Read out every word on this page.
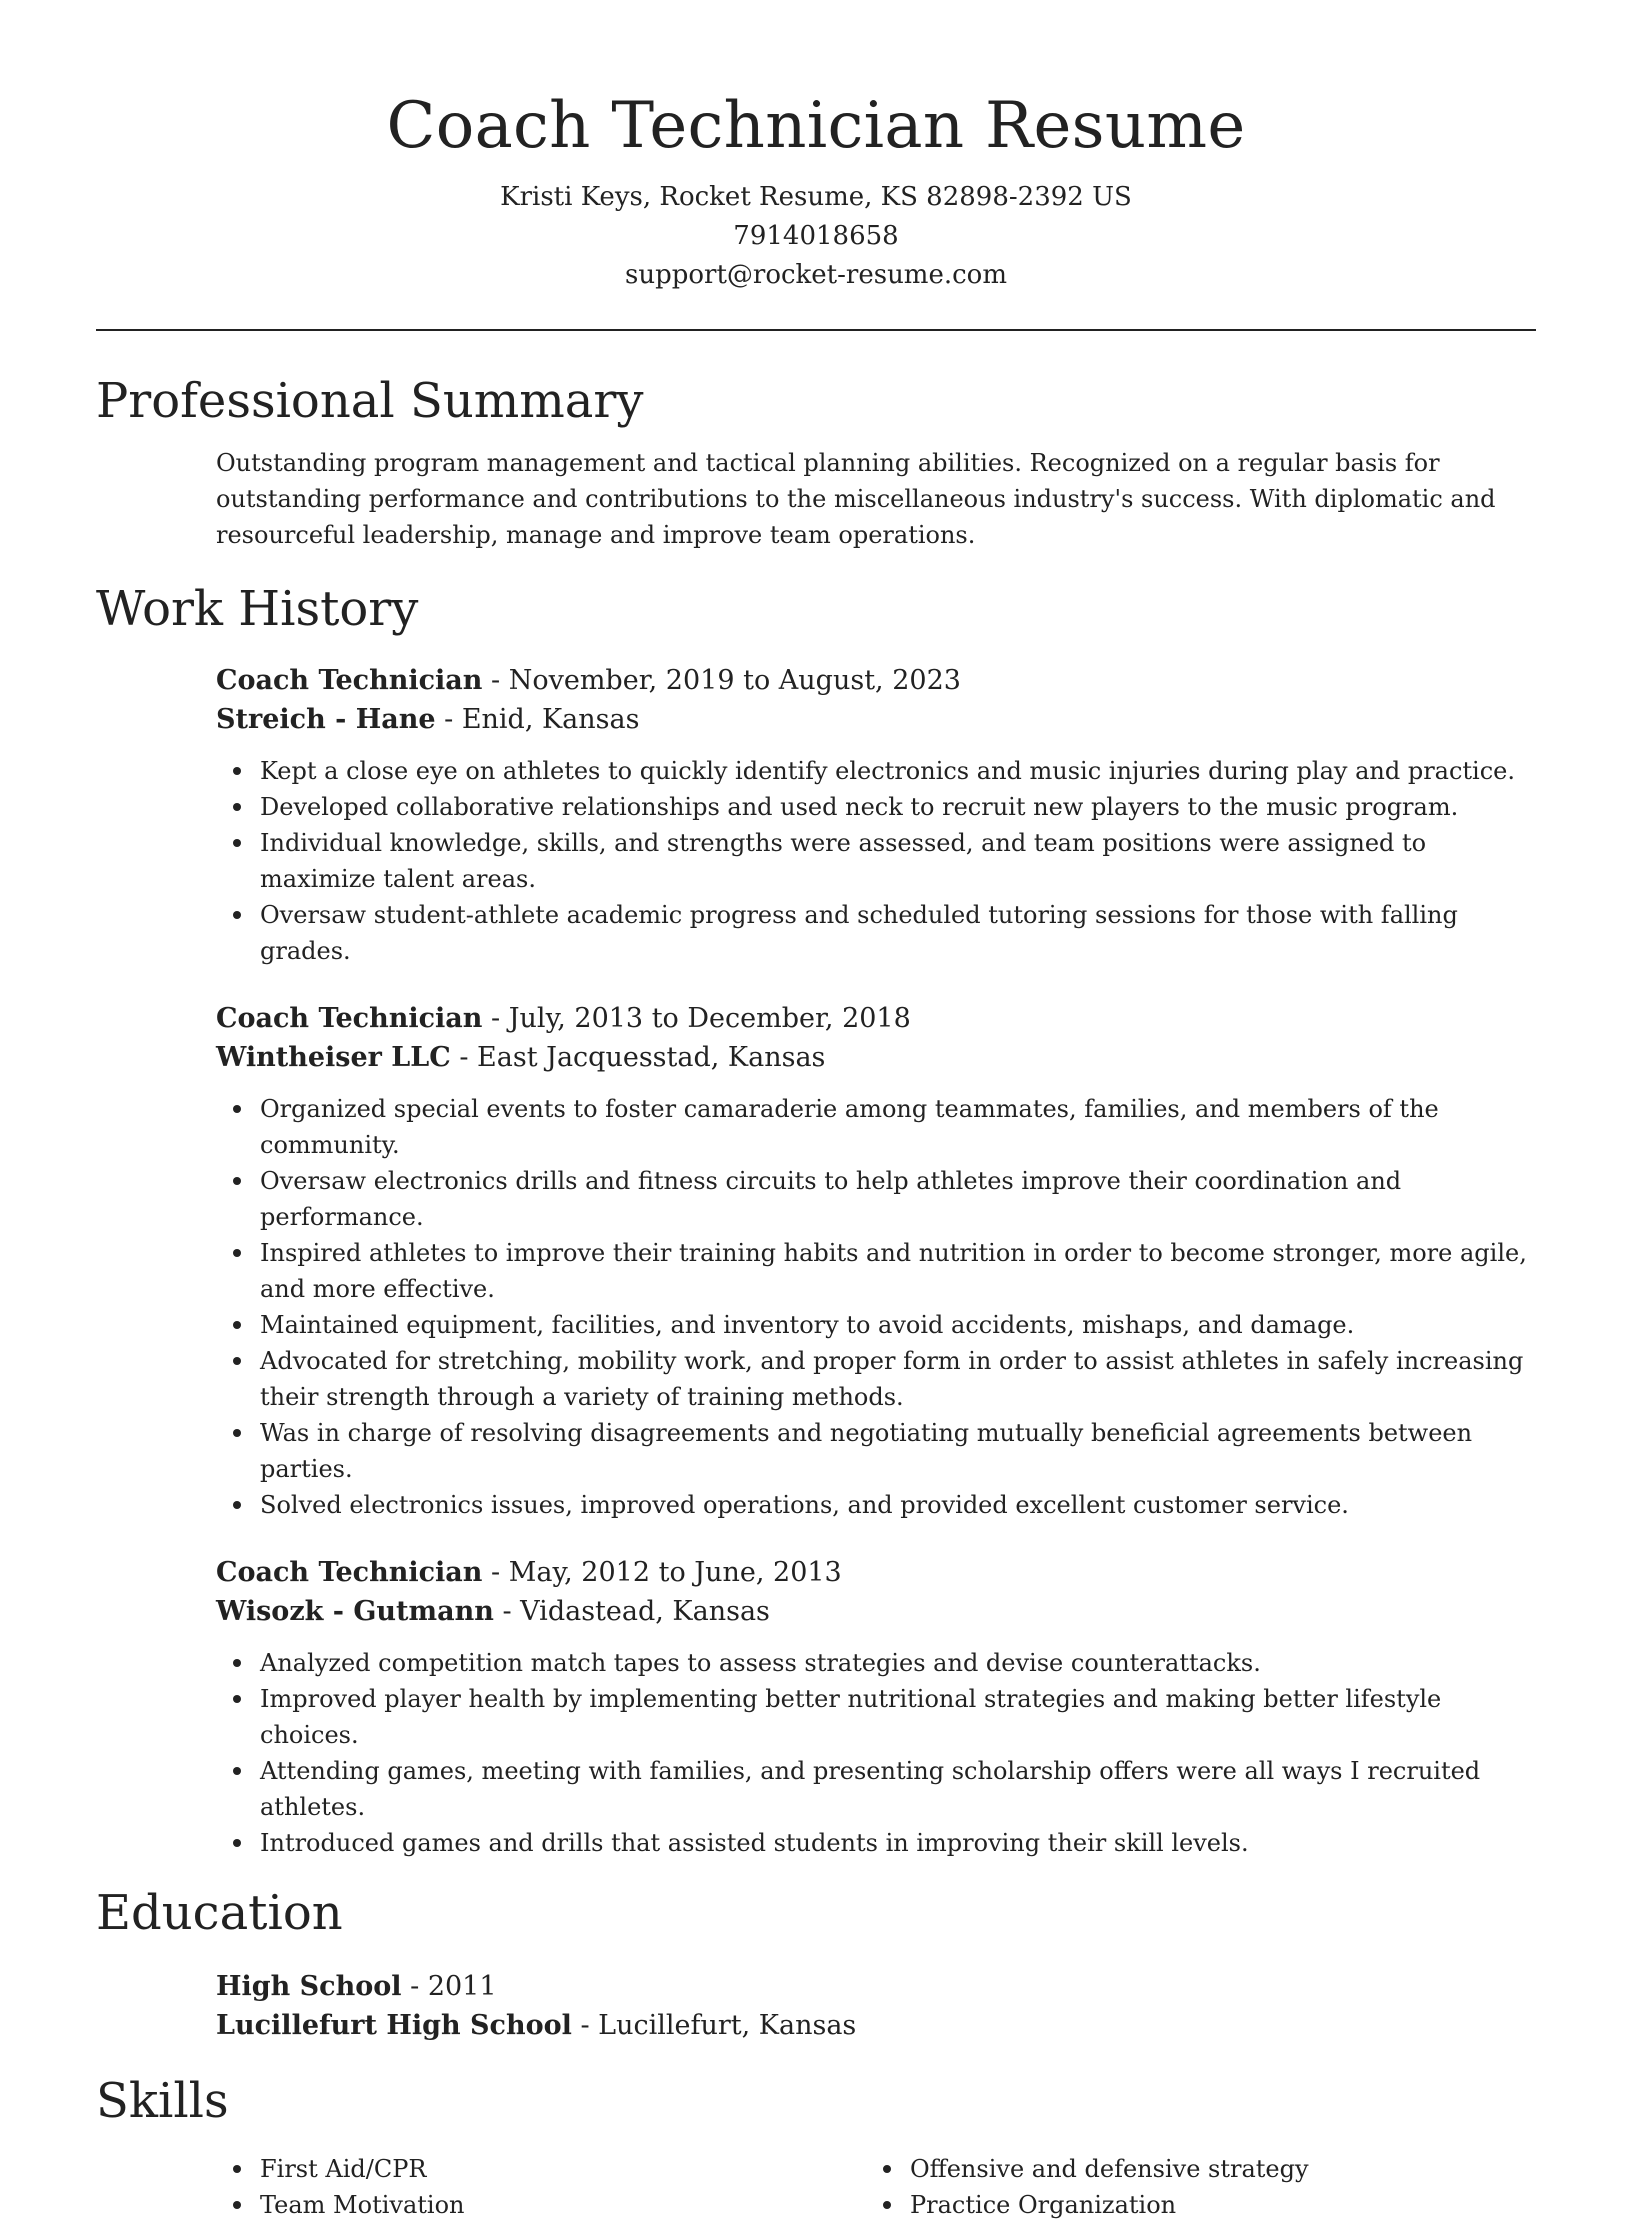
Coach Technician Resume
Kristi Keys, Rocket Resume, KS 82898-2392 US
7914018658
support@rocket-resume.com
Professional Summary

Outstanding program management and tactical planning abilities. Recognized on a regular basis for outstanding performance and contributions to the miscellaneous industry's success. With diplomatic and resourceful leadership, manage and improve team operations.

Work History
Coach Technician - November, 2019 to August, 2023
Streich - Hane - Enid, Kansas
Kept a close eye on athletes to quickly identify electronics and music injuries during play and practice.
Developed collaborative relationships and used neck to recruit new players to the music program.
Individual knowledge, skills, and strengths were assessed, and team positions were assigned to maximize talent areas.
Oversaw student-athlete academic progress and scheduled tutoring sessions for those with falling grades.
Coach Technician - July, 2013 to December, 2018
Wintheiser LLC - East Jacquesstad, Kansas
Organized special events to foster camaraderie among teammates, families, and members of the community.
Oversaw electronics drills and fitness circuits to help athletes improve their coordination and performance.
Inspired athletes to improve their training habits and nutrition in order to become stronger, more agile, and more effective.
Maintained equipment, facilities, and inventory to avoid accidents, mishaps, and damage.
Advocated for stretching, mobility work, and proper form in order to assist athletes in safely increasing their strength through a variety of training methods.
Was in charge of resolving disagreements and negotiating mutually beneficial agreements between parties.
Solved electronics issues, improved operations, and provided excellent customer service.
Coach Technician - May, 2012 to June, 2013
Wisozk - Gutmann - Vidastead, Kansas
Analyzed competition match tapes to assess strategies and devise counterattacks.
Improved player health by implementing better nutritional strategies and making better lifestyle choices.
Attending games, meeting with families, and presenting scholarship offers were all ways I recruited athletes.
Introduced games and drills that assisted students in improving their skill levels.
Education
High School - 2011
Lucillefurt High School - Lucillefurt, Kansas
Skills
First Aid/CPR
Team Motivation
Offensive and defensive strategy
Practice Organization
